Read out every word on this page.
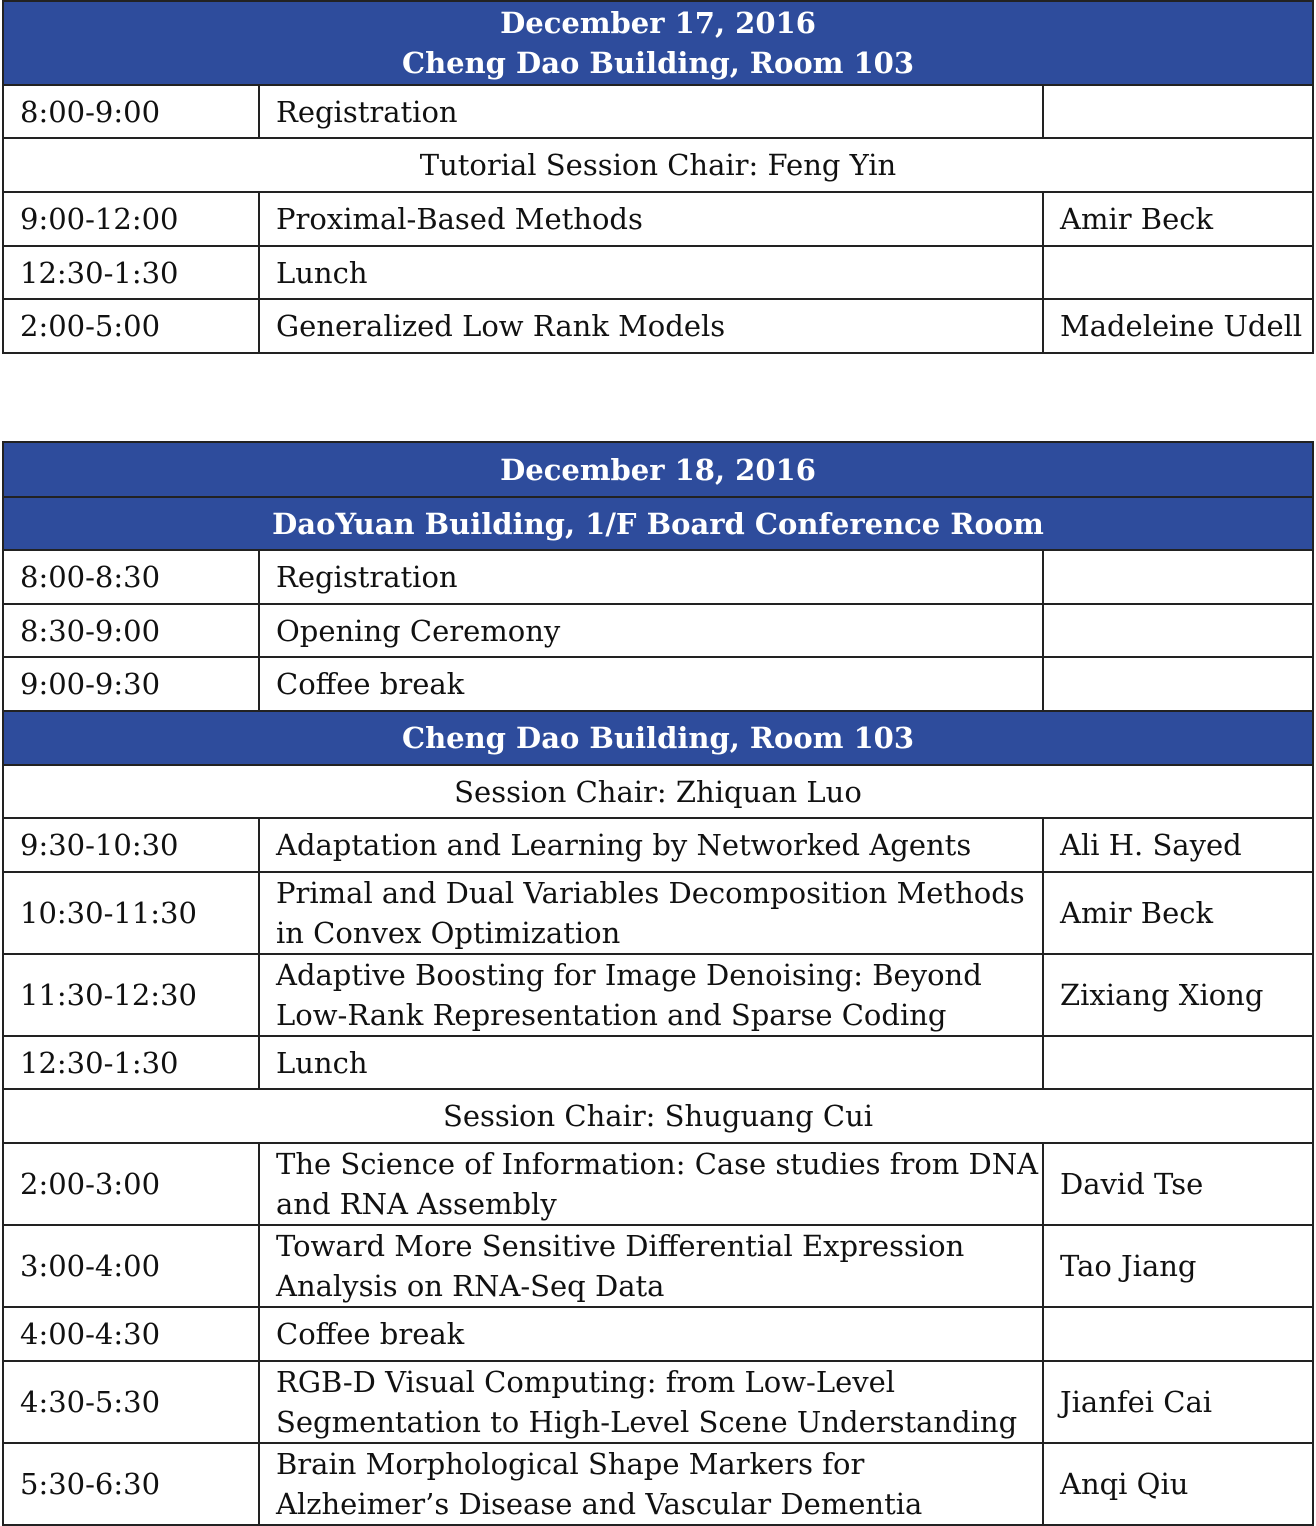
December 17, 2016
Cheng Dao Building, Room 103		

8:00-9:00	Registration	
Tutorial Session Chair: Feng Yin		
9:00-12:00	Proximal-Based Methods	Amir Beck
12:30-1:30	Lunch	
2:00-5:00	Generalized Low Rank Models	Madeleine Udell
December 18, 2016		
DaoYuan Building, 1/F Board Conference Room		
8:00-8:30	Registration	
8:30-9:00	Opening Ceremony	
9:00-9:30	Coffee break	
Cheng Dao Building, Room 103		
Session Chair: Zhiquan Luo		
9:30-10:30	Adaptation and Learning by Networked Agents	Ali H. Sayed
10:30-11:30	Primal and Dual Variables Decomposition Methods in Convex Optimization	Amir Beck
11:30-12:30	Adaptive Boosting for Image Denoising: Beyond Low-Rank Representation and Sparse Coding	Zixiang Xiong
12:30-1:30	Lunch	
Session Chair: Shuguang Cui		
2:00-3:00	The Science of Information: Case studies from DNA and RNA Assembly	David Tse
3:00-4:00	Toward More Sensitive Differential Expression Analysis on RNA-Seq Data	Tao Jiang
4:00-4:30	Coffee break	
4:30-5:30	RGB-D Visual Computing: from Low-Level Segmentation to High-Level Scene Understanding	Jianfei Cai
5:30-6:30	Brain Morphological Shape Markers for Alzheimer’s Disease and Vascular Dementia	Anqi Qiu
